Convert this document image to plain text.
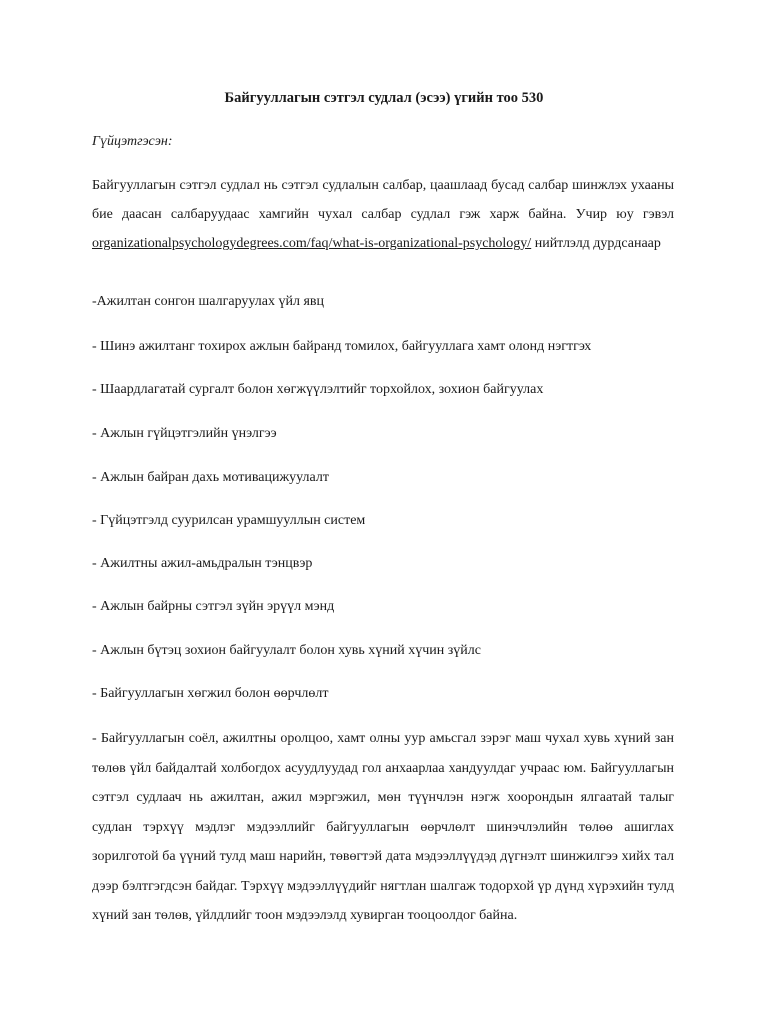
Байгууллагын сэтгэл судлал (эсээ) үгийн тоо 530

Гүйцэтгэсэн:

Байгууллагын сэтгэл судлал нь сэтгэл судлалын салбар, цаашлаад бусад салбар шинжлэх ухааны бие даасан салбаруудаас хамгийн чухал салбар судлал гэж харж байна. Учир юу гэвэл organizationalpsychologydegrees.com/faq/what-is-organizational-psychology/ нийтлэлд дурдсанаар

-Ажилтан сонгон шалгаруулах үйл явц

- Шинэ ажилтанг тохирох ажлын байранд томилох, байгууллага хамт олонд нэгтгэх

- Шаардлагатай сургалт болон хөгжүүлэлтийг торхойлох, зохион байгуулах

- Ажлын гүйцэтгэлийн үнэлгээ

- Ажлын байран дахь мотивацижуулалт

- Гүйцэтгэлд суурилсан урамшууллын систем

- Ажилтны ажил-амьдралын тэнцвэр

- Ажлын байрны сэтгэл зүйн эрүүл мэнд

- Ажлын бүтэц зохион байгуулалт болон хувь хүний хүчин зүйлс

- Байгууллагын хөгжил болон өөрчлөлт

- Байгууллагын соёл, ажилтны оролцоо, хамт олны уур амьсгал зэрэг маш чухал хувь хүний зан төлөв үйл байдалтай холбогдох асуудлуудад гол анхаарлаа хандуулдаг учраас юм. Байгууллагын сэтгэл судлаач нь ажилтан, ажил мэргэжил, мөн түүнчлэн нэгж хоорондын ялгаатай талыг судлан тэрхүү мэдлэг мэдээллийг байгууллагын өөрчлөлт шинэчлэлийн төлөө ашиглах зорилготой ба үүний тулд маш нарийн, төвөгтэй дата мэдээллүүдэд дүгнэлт шинжилгээ хийх тал дээр бэлтгэгдсэн байдаг. Тэрхүү мэдээллүүдийг нягтлан шалгаж тодорхой үр дүнд хүрэхийн тулд хүний зан төлөв, үйлдлийг тоон мэдээлэлд хувирган тооцоолдог байна.
